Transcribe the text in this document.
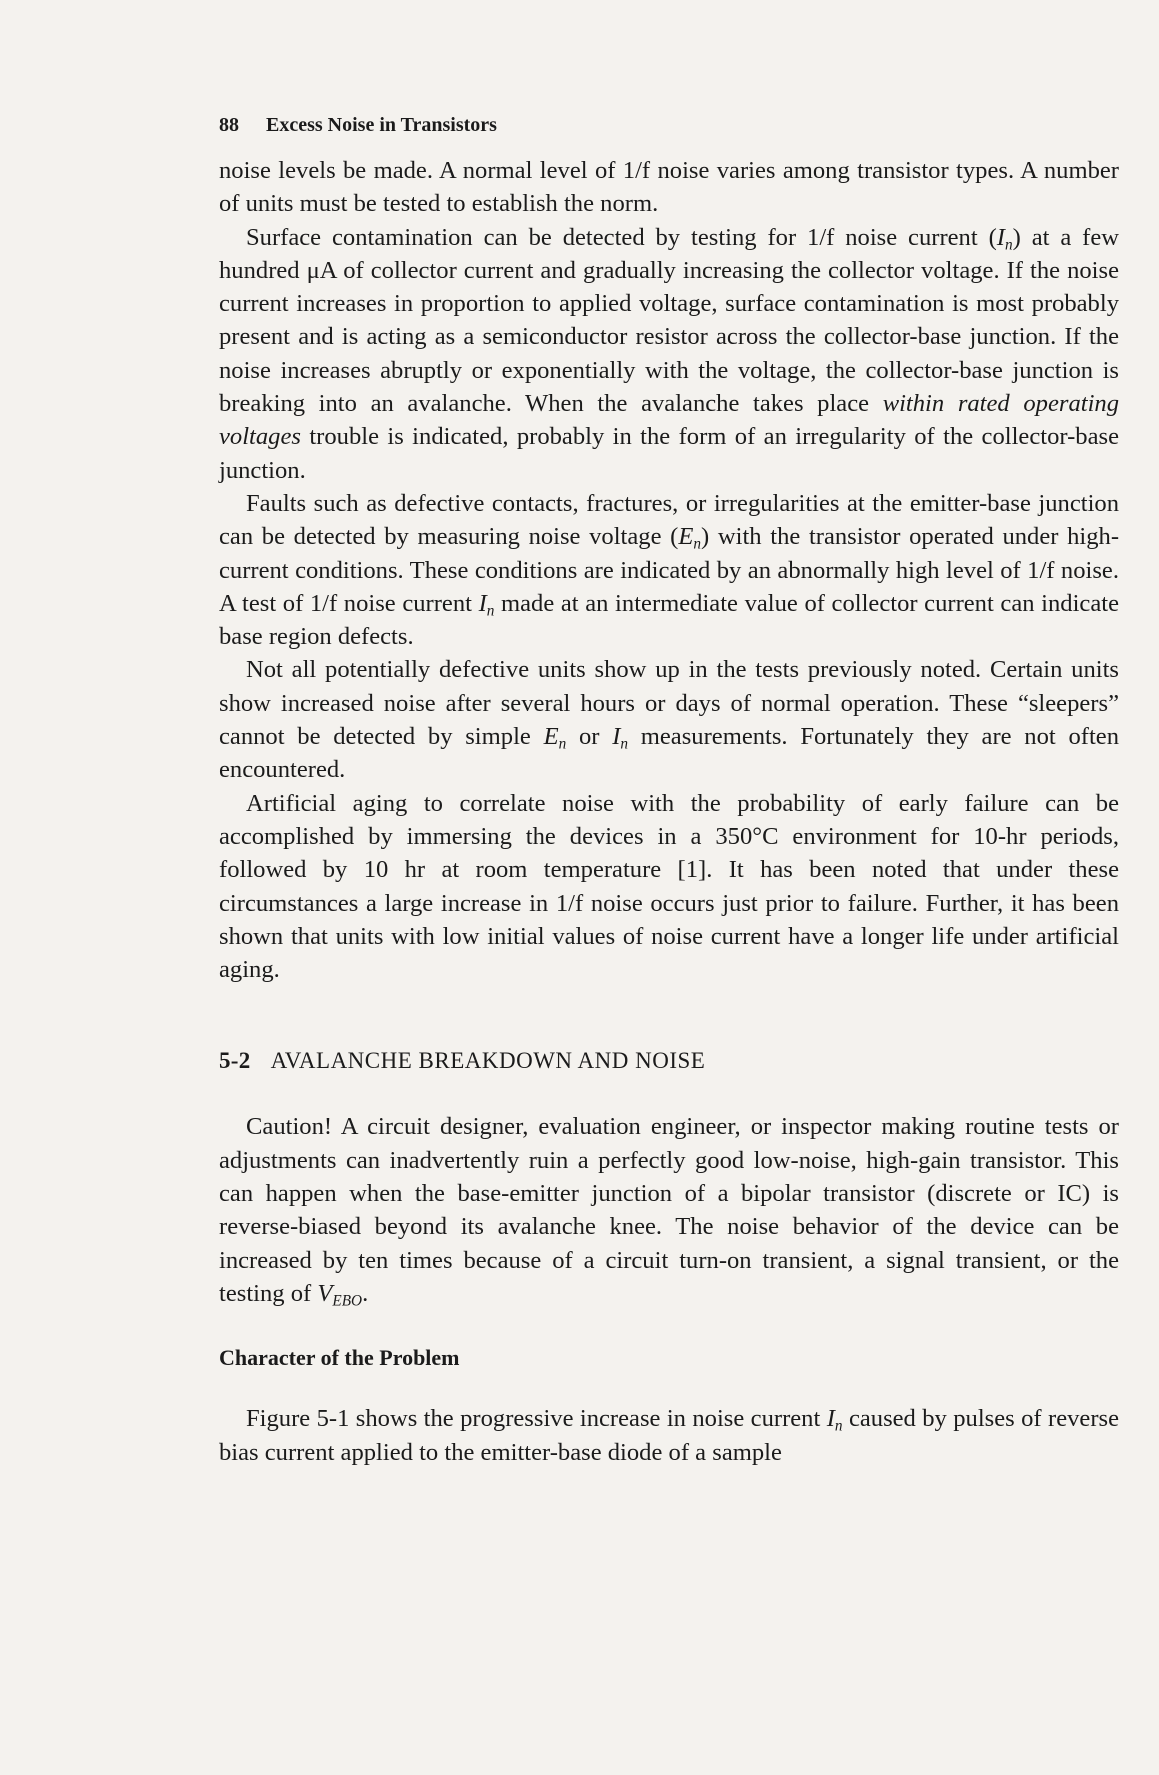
88 Excess Noise in Transistors

noise levels be made. A normal level of 1/f noise varies among transistor types. A number of units must be tested to establish the norm.

Surface contamination can be detected by testing for 1/f noise current $(I_n)$ at a few hundred μA of collector current and gradually increasing the collector voltage. If the noise current increases in proportion to applied voltage, surface contamination is most probably present and is acting as a semiconductor resistor across the collector-base junction. If the noise increases abruptly or exponentially with the voltage, the collector-base junction is breaking into an avalanche. When the avalanche takes place within rated operating voltages trouble is indicated, probably in the form of an irregularity of the collector-base junction.

Faults such as defective contacts, fractures, or irregularities at the emitter-base junction can be detected by measuring noise voltage $(E_n)$ with the transistor operated under high-current conditions. These conditions are indicated by an abnormally high level of 1/f noise. A test of 1/f noise current $I_n$ made at an intermediate value of collector current can indicate base region defects.

Not all potentially defective units show up in the tests previously noted. Certain units show increased noise after several hours or days of normal operation. These “sleepers” cannot be detected by simple $E_n$ or $I_n$ measurements. Fortunately they are not often encountered.

Artificial aging to correlate noise with the probability of early failure can be accomplished by immersing the devices in a 350°C environment for 10-hr periods, followed by 10 hr at room temperature [1]. It has been noted that under these circumstances a large increase in 1/f noise occurs just prior to failure. Further, it has been shown that units with low initial values of noise current have a longer life under artificial aging.

5-2 AVALANCHE BREAKDOWN AND NOISE

Caution! A circuit designer, evaluation engineer, or inspector making routine tests or adjustments can inadvertently ruin a perfectly good low-noise, high-gain transistor. This can happen when the base-emitter junction of a bipolar transistor (discrete or IC) is reverse-biased beyond its avalanche knee. The noise behavior of the device can be increased by ten times because of a circuit turn-on transient, a signal transient, or the testing of $V_{EBO}$.

Character of the Problem

Figure 5-1 shows the progressive increase in noise current $I_n$ caused by pulses of reverse bias current applied to the emitter-base diode of a sample
